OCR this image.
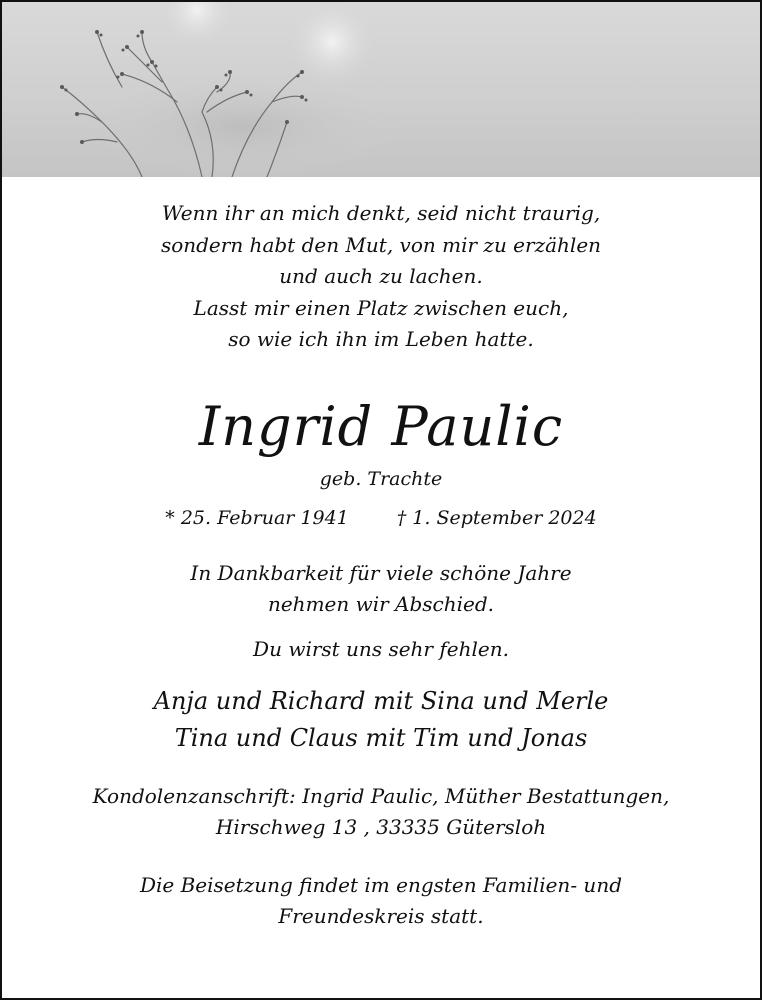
Wenn ihr an mich denkt, seid nicht traurig,
sondern habt den Mut, von mir zu erzählen
und auch zu lachen.
Lasst mir einen Platz zwischen euch,
so wie ich ihn im Leben hatte.
Ingrid Paulic
geb. Trachte
* 25. Februar 1941	† 1. September 2024
In Dankbarkeit für viele schöne Jahre
nehmen wir Abschied.
Du wirst uns sehr fehlen.
Anja und Richard mit Sina und Merle
Tina und Claus mit Tim und Jonas
Kondolenzanschrift: Ingrid Paulic, Müther Bestattungen,
Hirschweg 13 , 33335 Gütersloh
Die Beisetzung findet im engsten Familien- und
Freundeskreis statt.
